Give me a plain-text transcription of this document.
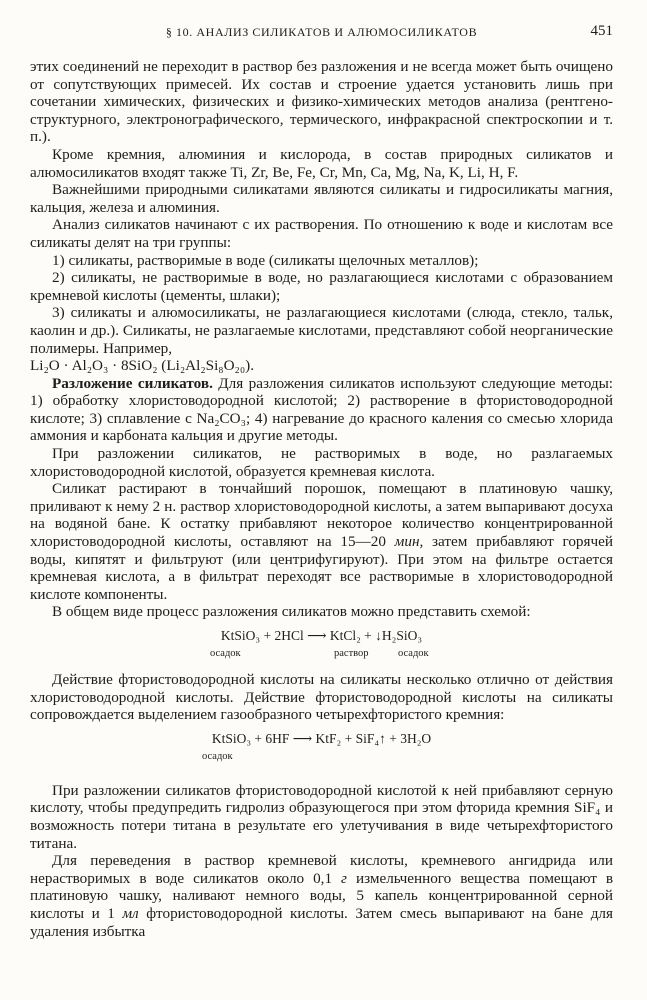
§ 10. АНАЛИЗ СИЛИКАТОВ И АЛЮМОСИЛИКАТОВ	451

этих соединений не переходит в раствор без разложения и не всегда может быть очищено от сопутствующих примесей. Их состав и строение удается установить лишь при сочетании химических, физических и физико-химических методов анализа (рентгено-структурного, электронографического, термического, инфракрасной спектроскопии и т. п.).

Кроме кремния, алюминия и кислорода, в состав природных силикатов и алюмосиликатов входят также Ti, Zr, Be, Fe, Cr, Mn, Ca, Mg, Na, K, Li, H, F.

Важнейшими природными силикатами являются силикаты и гидросиликаты магния, кальция, железа и алюминия.

Анализ силикатов начинают с их растворения. По отношению к воде и кислотам все силикаты делят на три группы:

1) силикаты, растворимые в воде (силикаты щелочных металлов);

2) силикаты, не растворимые в воде, но разлагающиеся кислотами с образованием кремневой кислоты (цементы, шлаки);

3) силикаты и алюмосиликаты, не разлагающиеся кислотами (слюда, стекло, тальк, каолин и др.). Силикаты, не разлагаемые кислотами, представляют собой неорганические полимеры. Например,
Li₂O · Al₂O₃ · 8SiO₂ (Li₂Al₂Si₈O₂₀).

Разложение силикатов. Для разложения силикатов используют следующие методы: 1) обработку хлористоводородной кислотой; 2) растворение в фтористоводородной кислоте; 3) сплавление с Na₂CO₃; 4) нагревание до красного каления со смесью хлорида аммония и карбоната кальция и другие методы.

При разложении силикатов, не растворимых в воде, но разлагаемых хлористоводородной кислотой, образуется кремневая кислота.

Силикат растирают в тончайший порошок, помещают в платиновую чашку, приливают к нему 2 н. раствор хлористоводородной кислоты, а затем выпаривают досуха на водяной бане. К остатку прибавляют некоторое количество концентрированной хлористоводородной кислоты, оставляют на 15—20 мин, затем прибавляют горячей воды, кипятят и фильтруют (или центрифугируют). При этом на фильтре остается кремневая кислота, а в фильтрат переходят все растворимые в хлористоводородной кислоте компоненты.

В общем виде процесс разложения силикатов можно представить схемой:

KtSiO₃ + 2HCl ⟶ KtCl₂ + ↓H₂SiO₃
осадок	раствор	осадок

Действие фтористоводородной кислоты на силикаты несколько отлично от действия хлористоводородной кислоты. Действие фтористоводородной кислоты на силикаты сопровождается выделением газообразного четырехфтористого кремния:

KtSiO₃ + 6HF ⟶ KtF₂ + SiF₄↑ + 3H₂O
осадок

При разложении силикатов фтористоводородной кислотой к ней прибавляют серную кислоту, чтобы предупредить гидролиз образующегося при этом фторида кремния SiF₄ и возможность потери титана в результате его улетучивания в виде четырехфтористого титана.

Для переведения в раствор кремневой кислоты, кремневого ангидрида или нерастворимых в воде силикатов около 0,1 г измельченного вещества помещают в платиновую чашку, наливают немного воды, 5 капель концентрированной серной кислоты и 1 мл фтористоводородной кислоты. Затем смесь выпаривают на бане для удаления избытка
